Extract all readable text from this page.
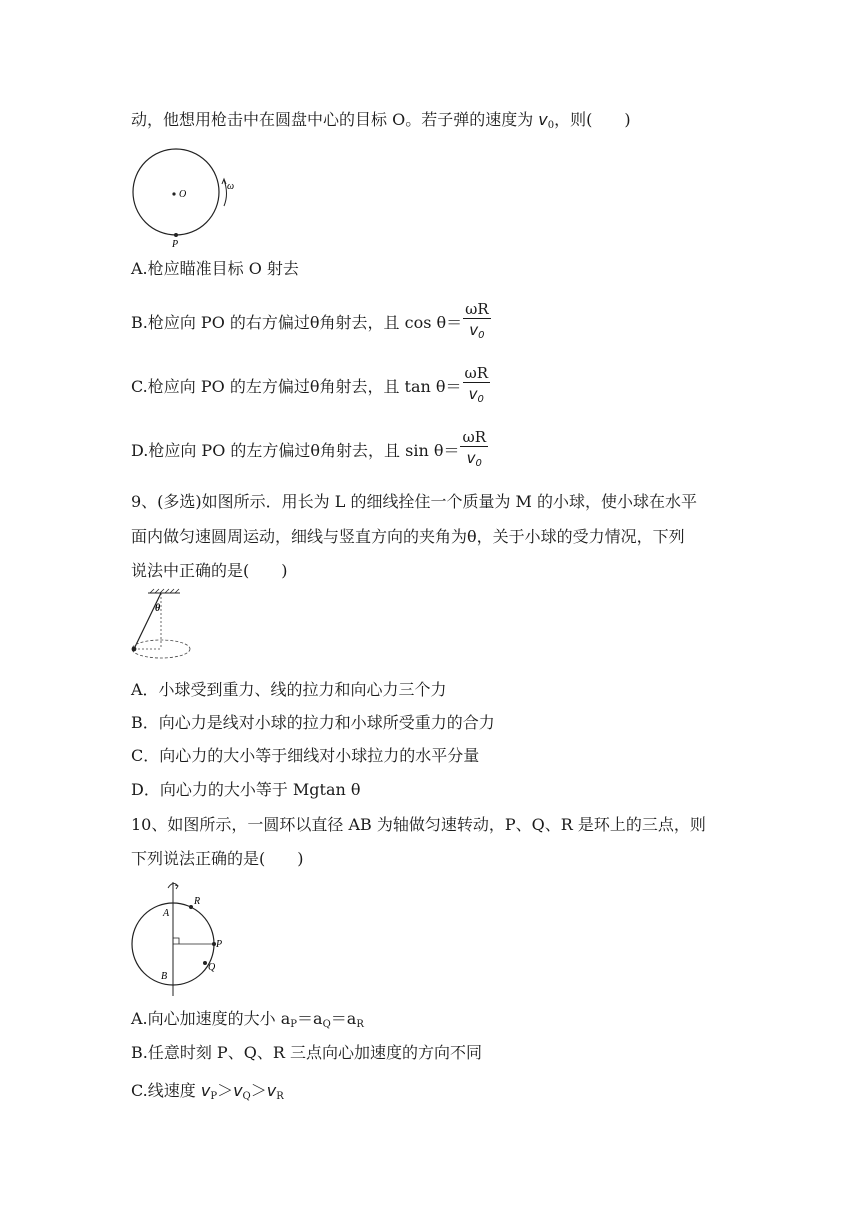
动，他想用枪击中在圆盘中心的目标 O。若子弹的速度为 $v_0$，则(　　)
O
P
ω
A.枪应瞄准目标 O 射去
B.枪应向 PO 的右方偏过θ角射去，且 $\cos \theta= \frac{\omega R}{v_0}$
C.枪应向 PO 的左方偏过θ角射去，且 $\tan \theta= \frac{\omega R}{v_0}$
D.枪应向 PO 的左方偏过θ角射去，且 $\sin \theta= \frac{\omega R}{v_0}$
9、(多选)如图所示．用长为 L 的细线拴住一个质量为 M 的小球，使小球在水平
面内做匀速圆周运动，细线与竖直方向的夹角为θ，关于小球的受力情况，下列
说法中正确的是(　　)
θ
A．小球受到重力、线的拉力和向心力三个力
B．向心力是线对小球的拉力和小球所受重力的合力
C．向心力的大小等于细线对小球拉力的水平分量
D．向心力的大小等于 Mgtan θ
10、如图所示，一圆环以直径 AB 为轴做匀速转动，P、Q、R 是环上的三点，则
下列说法正确的是(　　)
A
B
P
Q
R
A.向心加速度的大小 $a_P=a_Q=a_R$
B.任意时刻 P、Q、R 三点向心加速度的方向不同
C.线速度 $v_P>v_Q>v_R$
